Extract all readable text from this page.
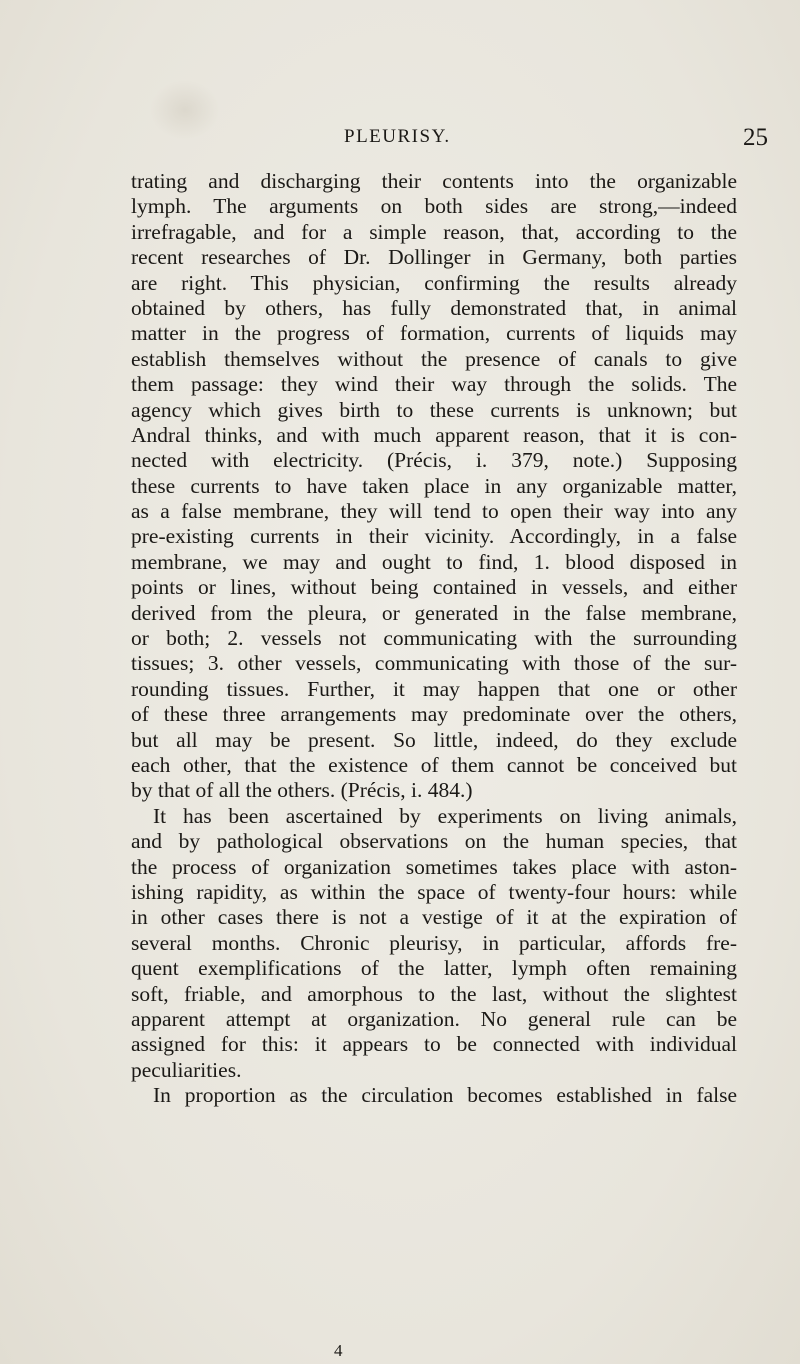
PLEURISY.	25
trating and discharging their contents into the organizable
lymph. The arguments on both sides are strong,—indeed
irrefragable, and for a simple reason, that, according to the
recent researches of Dr. Dollinger in Germany, both parties
are right. This physician, confirming the results already
obtained by others, has fully demonstrated that, in animal
matter in the progress of formation, currents of liquids may
establish themselves without the presence of canals to give
them passage: they wind their way through the solids. The
agency which gives birth to these currents is unknown; but
Andral thinks, and with much apparent reason, that it is con-
nected with electricity. (Précis, i. 379, note.) Supposing
these currents to have taken place in any organizable matter,
as a false membrane, they will tend to open their way into any
pre-existing currents in their vicinity. Accordingly, in a false
membrane, we may and ought to find, 1. blood disposed in
points or lines, without being contained in vessels, and either
derived from the pleura, or generated in the false membrane,
or both; 2. vessels not communicating with the surrounding
tissues; 3. other vessels, communicating with those of the sur-
rounding tissues. Further, it may happen that one or other
of these three arrangements may predominate over the others,
but all may be present. So little, indeed, do they exclude
each other, that the existence of them cannot be conceived but
by that of all the others. (Précis, i. 484.)
It has been ascertained by experiments on living animals,
and by pathological observations on the human species, that
the process of organization sometimes takes place with aston-
ishing rapidity, as within the space of twenty-four hours: while
in other cases there is not a vestige of it at the expiration of
several months. Chronic pleurisy, in particular, affords fre-
quent exemplifications of the latter, lymph often remaining
soft, friable, and amorphous to the last, without the slightest
apparent attempt at organization. No general rule can be
assigned for this: it appears to be connected with individual
peculiarities.
In proportion as the circulation becomes established in false
4
